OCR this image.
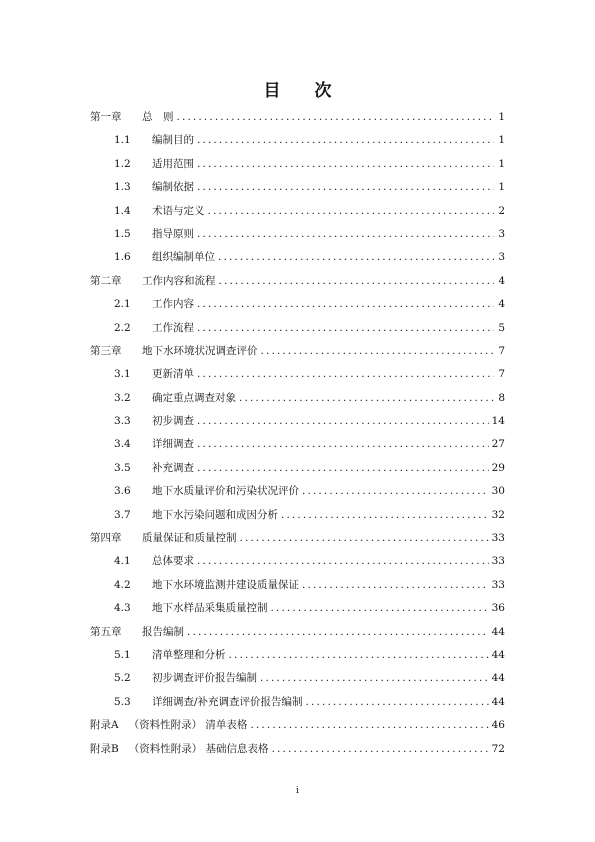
目 次
第一章	总　则 . . .	1
1.1	编制目的 . . .	1
1.2	适用范围 . . .	1
1.3	编制依据 . . .	1
1.4	术语与定义 . . .	2
1.5	指导原则 . . .	3
1.6	组织编制单位 . . .	3
第二章	工作内容和流程 . . .	4
2.1	工作内容 . . .	4
2.2	工作流程 . . .	5
第三章	地下水环境状况调查评价 . . .	7
3.1	更新清单 . . .	7
3.2	确定重点调查对象 . . .	8
3.3	初步调查 . . .	14
3.4	详细调查 . . .	27
3.5	补充调查 . . .	29
3.6	地下水质量评价和污染状况评价 . . .	30
3.7	地下水污染问题和成因分析 . . .	32
第四章	质量保证和质量控制 . . .	33
4.1	总体要求 . . .	33
4.2	地下水环境监测井建设质量保证 . . .	33
4.3	地下水样品采集质量控制 . . .	36
第五章	报告编制 . . .	44
5.1	清单整理和分析 . . .	44
5.2	初步调查评价报告编制 . . .	44
5.3	详细调查/补充调查评价报告编制 . . .	44
附录A （资料性附录） 清单表格 . . .	46
附录B （资料性附录） 基础信息表格 . . .	72
i
